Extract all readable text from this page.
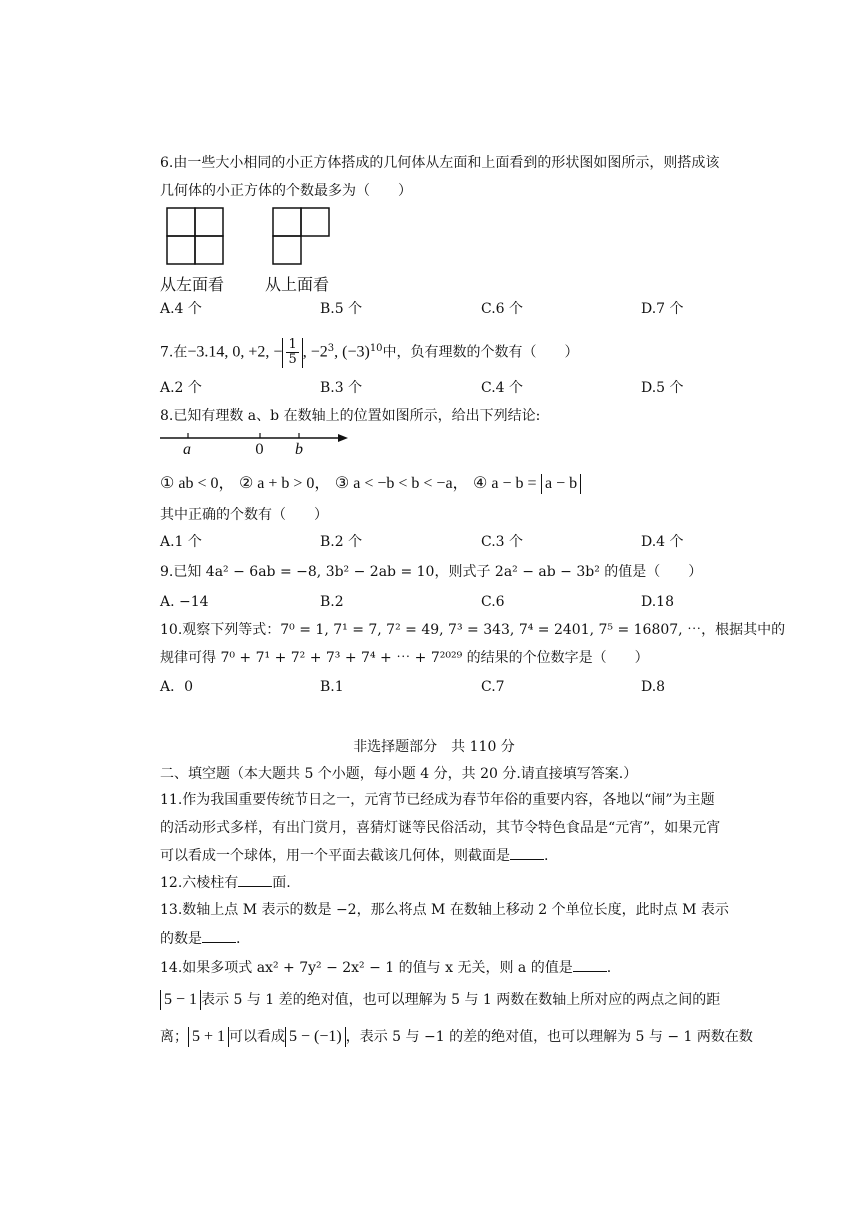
6.由一些大小相同的小正方体搭成的几何体从左面和上面看到的形状图如图所示，则搭成该
几何体的小正方体的个数最多为（　　）
从左面看	从上面看
A.4 个	B.5 个	C.6 个	D.7 个
7.在−3.14, 0, +2, − $\frac{1}{5}$ , $-2^3$, $(-3)^{10}$中，负有理数的个数有（　　）
A.2 个	B.3 个	C.4 个	D.5 个
8.已知有理数 a、b 在数轴上的位置如图所示，给出下列结论:
a	0 b
① ab < 0， ② a + b > 0， ③ a < −b < b < −a， ④ a − b = a − b
其中正确的个数有（　　）
A.1 个	B.2 个	C.3 个	D.4 个
9.已知 4a² − 6ab = −8, 3b² − 2ab = 10，则式子 2a² − ab − 3b² 的值是（　　）
A. −14	B.2	C.6	D.18
10.观察下列等式：7⁰ = 1, 7¹ = 7, 7² = 49, 7³ = 343, 7⁴ = 2401, 7⁵ = 16807, ⋯，根据其中的
规律可得 7⁰ + 7¹ + 7² + 7³ + 7⁴ + ⋯ + 7²⁰²⁹ 的结果的个位数字是（　　）
A．0	B.1	C.7	D.8
非选择题部分　共 110 分
二、填空题（本大题共 5 个小题，每小题 4 分，共 20 分.请直接填写答案.）
11.作为我国重要传统节日之一，元宵节已经成为春节年俗的重要内容，各地以“闹”为主题
的活动形式多样，有出门赏月，喜猜灯谜等民俗活动，其节令特色食品是“元宵”，如果元宵
可以看成一个球体，用一个平面去截该几何体，则截面是 .
12.六棱柱有 面.
13.数轴上点 M 表示的数是 −2，那么将点 M 在数轴上移动 2 个单位长度，此时点 M 表示
的数是 .
14.如果多项式 ax² + 7y² − 2x² − 1 的值与 x 无关，则 a 的值是 .
5 − 1 表示 5 与 1 差的绝对值，也可以理解为 5 与 1 两数在数轴上所对应的两点之间的距
离； 5 + 1 可以看成 5 − (−1) ，表示 5 与 −1 的差的绝对值，也可以理解为 5 与 − 1 两数在数
